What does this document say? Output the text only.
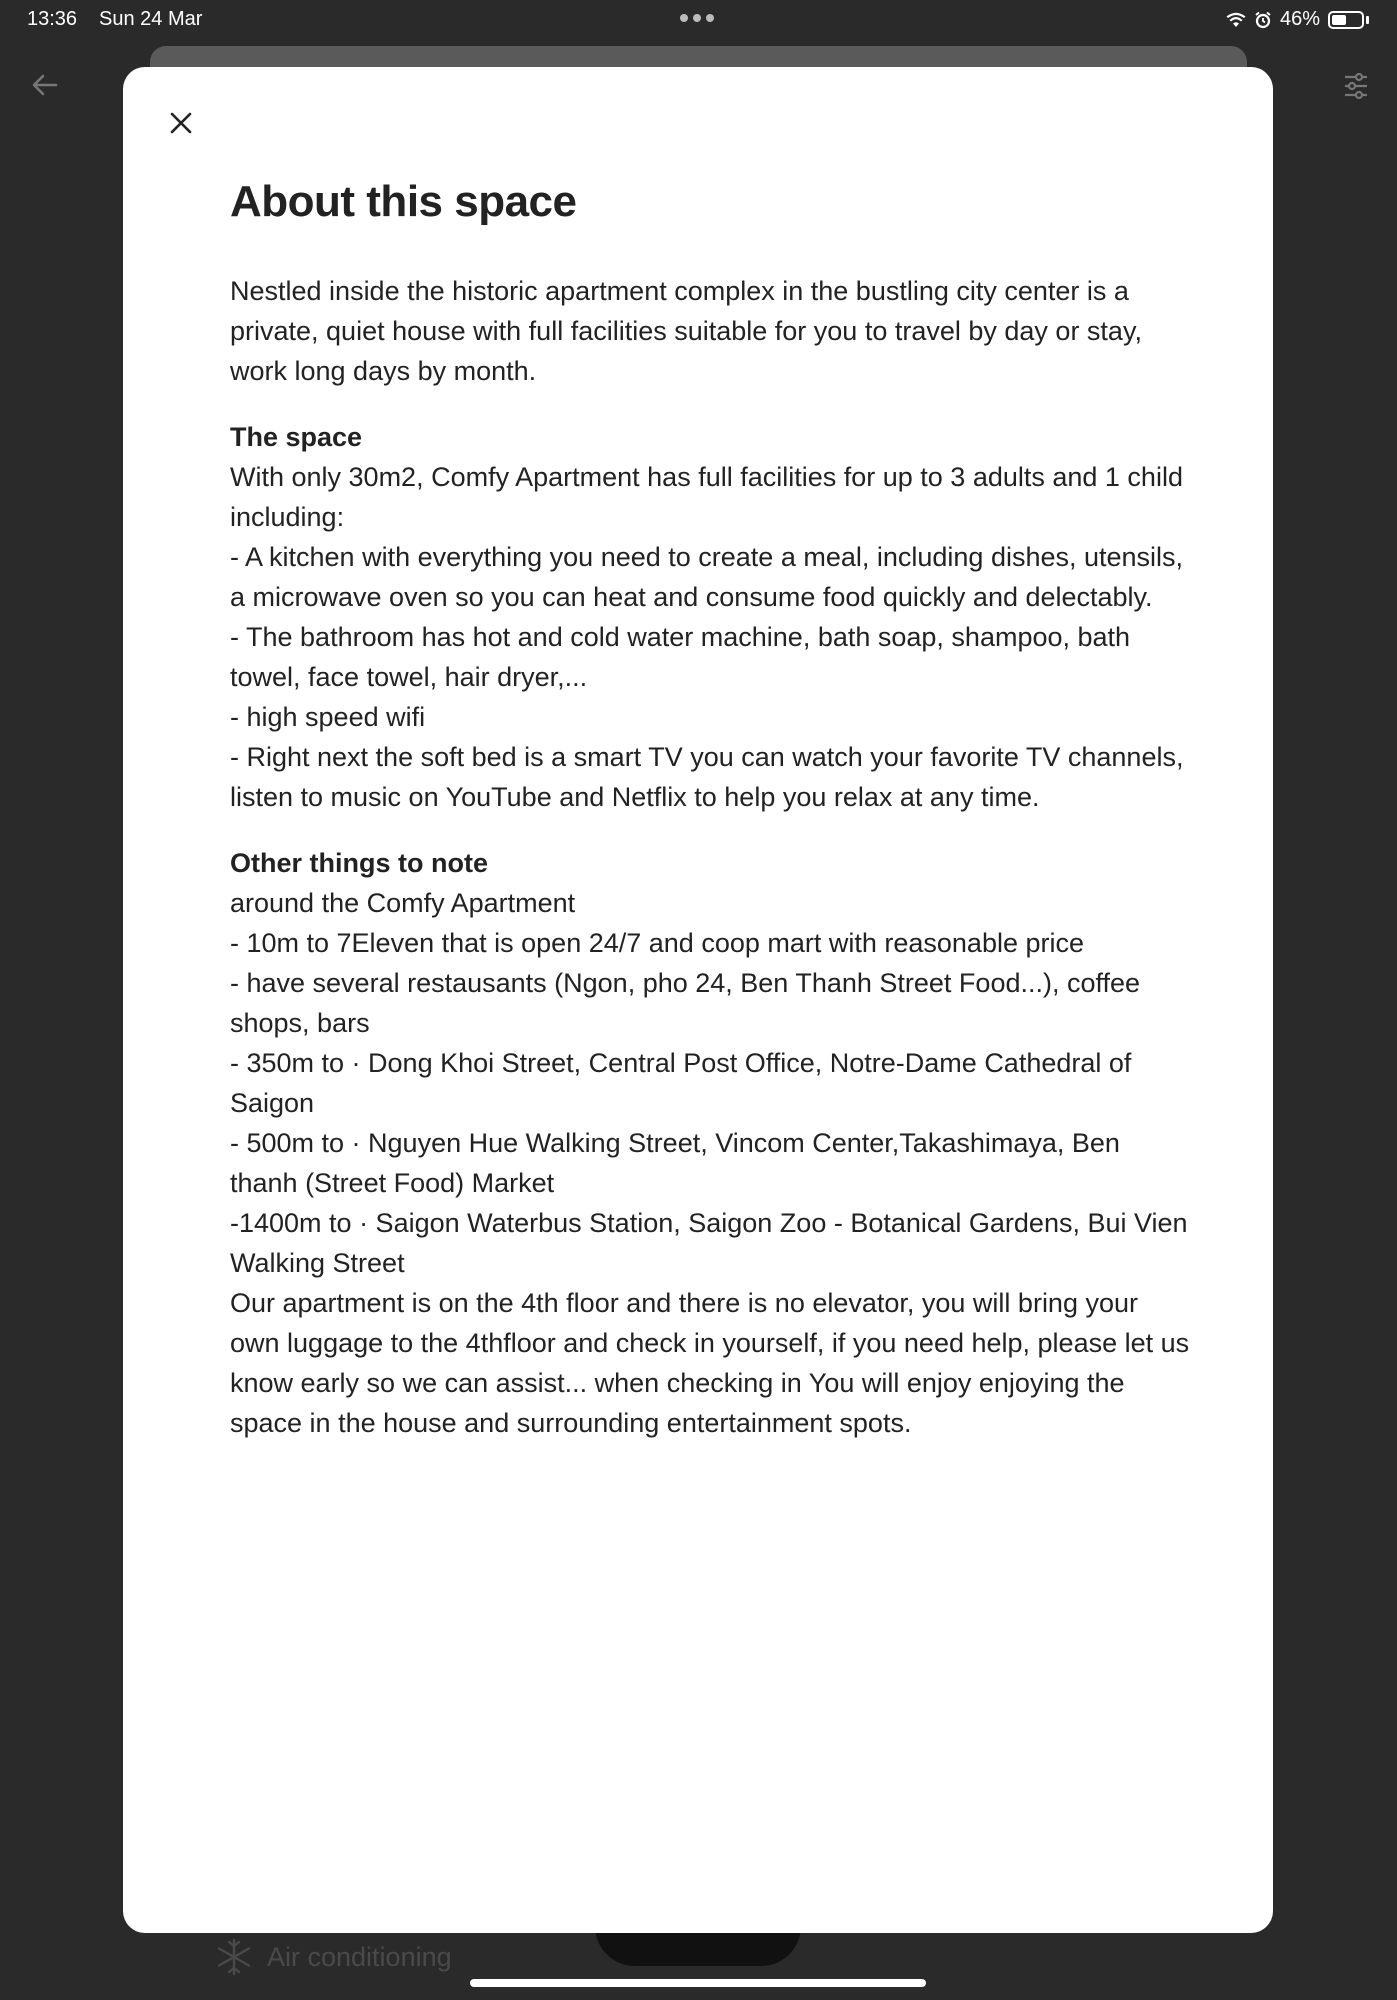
13:36 Sun 24 Mar	46%
Air conditioning
About this space

Nestled inside the historic apartment complex in the bustling city center is a private, quiet house with full facilities suitable for you to travel by day or stay, work long days by month.

The space

With only 30m2, Comfy Apartment has full facilities for up to 3 adults and 1 child including:

- A kitchen with everything you need to create a meal, including dishes, utensils, a microwave oven so you can heat and consume food quickly and delectably.

- The bathroom has hot and cold water machine, bath soap, shampoo, bath towel, face towel, hair dryer,...

- high speed wifi

- Right next the soft bed is a smart TV you can watch your favorite TV channels, listen to music on YouTube and Netflix to help you relax at any time.

Other things to note

around the Comfy Apartment

- 10m to 7Eleven that is open 24/7 and coop mart with reasonable price

- have several restausants (Ngon, pho 24, Ben Thanh Street Food...), coffee shops, bars

- 350m to · Dong Khoi Street, Central Post Office, Notre-Dame Cathedral of Saigon

- 500m to · Nguyen Hue Walking Street, Vincom Center,Takashimaya, Ben thanh (Street Food) Market

-1400m to · Saigon Waterbus Station, Saigon Zoo - Botanical Gardens, Bui Vien Walking Street

Our apartment is on the 4th floor and there is no elevator, you will bring your own luggage to the 4thfloor and check in yourself, if you need help, please let us know early so we can assist... when checking in You will enjoy enjoying the space in the house and surrounding entertainment spots.
